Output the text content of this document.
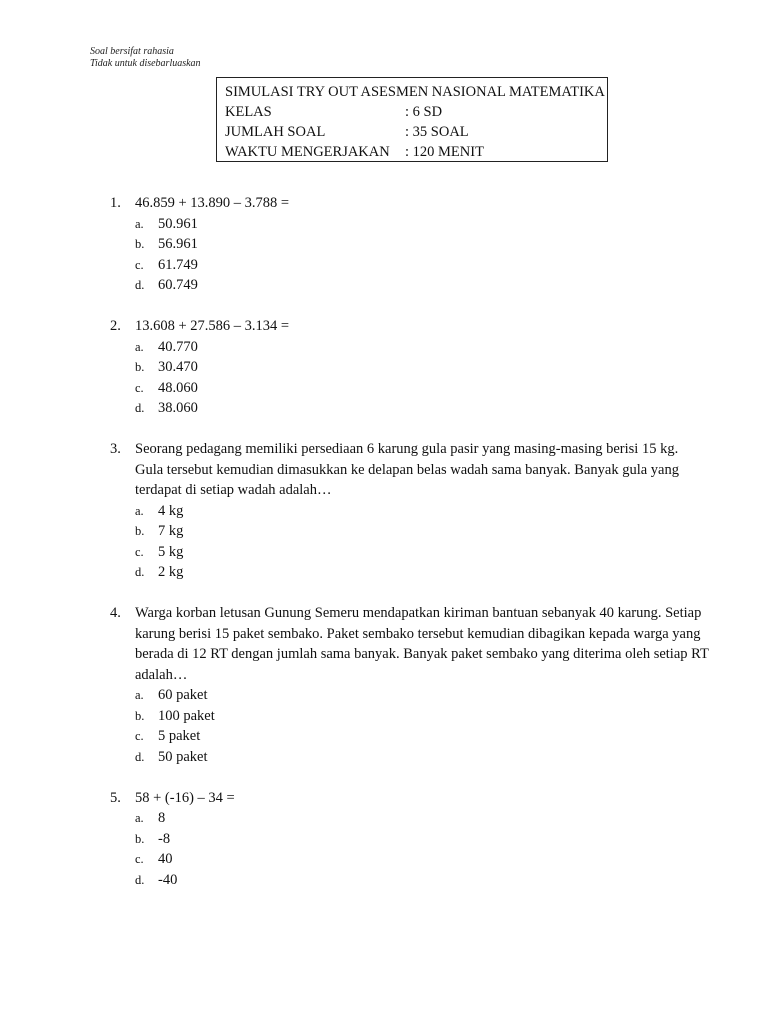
Soal bersifat rahasia
Tidak untuk disebarluaskan
SIMULASI TRY OUT ASESMEN NASIONAL MATEMATIKA
KELAS	: 6 SD
JUMLAH SOAL	: 35 SOAL
WAKTU MENGERJAKAN	: 120 MENIT
1. 46.859 + 13.890 – 3.788 =
a. 50.961
b. 56.961
c. 61.749
d. 60.749
2. 13.608 + 27.586 – 3.134 =
a. 40.770
b. 30.470
c. 48.060
d. 38.060
3. Seorang pedagang memiliki persediaan 6 karung gula pasir yang masing-masing berisi 15 kg. Gula tersebut kemudian dimasukkan ke delapan belas wadah sama banyak. Banyak gula yang terdapat di setiap wadah adalah…
a. 4 kg
b. 7 kg
c. 5 kg
d. 2 kg
4. Warga korban letusan Gunung Semeru mendapatkan kiriman bantuan sebanyak 40 karung. Setiap karung berisi 15 paket sembako. Paket sembako tersebut kemudian dibagikan kepada warga yang berada di 12 RT dengan jumlah sama banyak. Banyak paket sembako yang diterima oleh setiap RT adalah…
a. 60 paket
b. 100 paket
c. 5 paket
d. 50 paket
5. 58 + (-16) – 34 =
a. 8
b. -8
c. 40
d. -40
